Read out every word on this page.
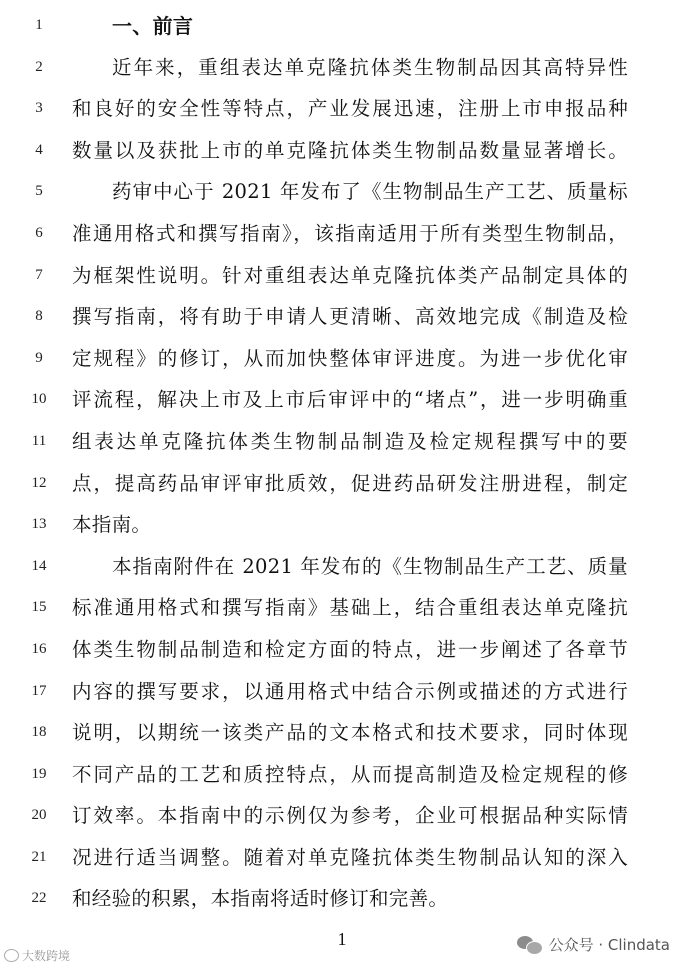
1	一、前言
2	近年来，重组表达单克隆抗体类生物制品因其高特异性
3	和良好的安全性等特点，产业发展迅速，注册上市申报品种
4	数量以及获批上市的单克隆抗体类生物制品数量显著增长。
5	药审中心于 2021 年发布了《生物制品生产工艺、质量标
6	准通用格式和撰写指南》，该指南适用于所有类型生物制品，
7	为框架性说明。针对重组表达单克隆抗体类产品制定具体的
8	撰写指南，将有助于申请人更清晰、高效地完成《制造及检
9	定规程》的修订，从而加快整体审评进度。为进一步优化审
10	评流程，解决上市及上市后审评中的“堵点”，进一步明确重
11	组表达单克隆抗体类生物制品制造及检定规程撰写中的要
12	点，提高药品审评审批质效，促进药品研发注册进程，制定
13	本指南。
14	本指南附件在 2021 年发布的《生物制品生产工艺、质量
15	标准通用格式和撰写指南》基础上，结合重组表达单克隆抗
16	体类生物制品制造和检定方面的特点，进一步阐述了各章节
17	内容的撰写要求，以通用格式中结合示例或描述的方式进行
18	说明，以期统一该类产品的文本格式和技术要求，同时体现
19	不同产品的工艺和质控特点，从而提高制造及检定规程的修
20	订效率。本指南中的示例仅为参考，企业可根据品种实际情
21	况进行适当调整。随着对单克隆抗体类生物制品认知的深入
22	和经验的积累，本指南将适时修订和完善。
1
大数跨境
公众号 · Clindata
